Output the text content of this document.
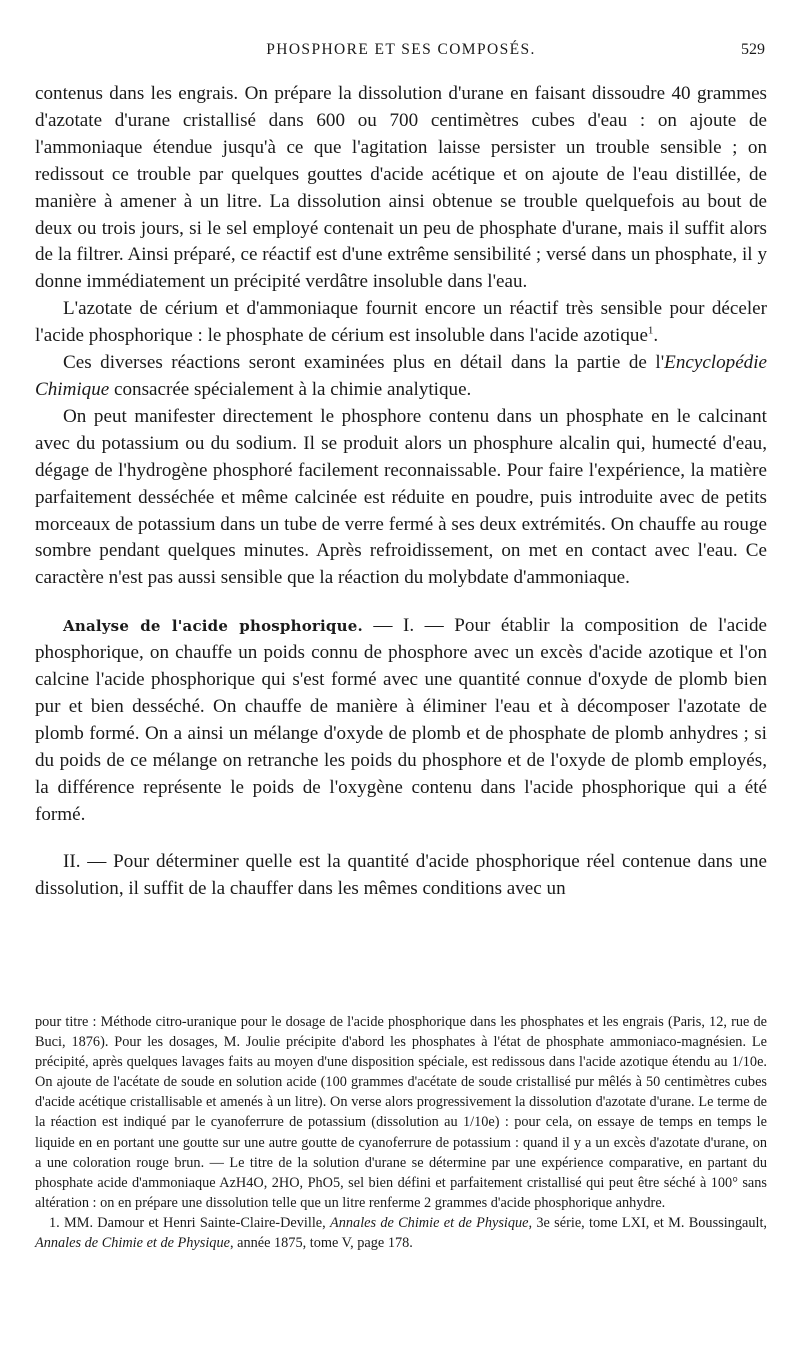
PHOSPHORE ET SES COMPOSÉS.	529

contenus dans les engrais. On prépare la dissolution d'urane en faisant dissoudre 40 grammes d'azotate d'urane cristallisé dans 600 ou 700 centimètres cubes d'eau : on ajoute de l'ammoniaque étendue jusqu'à ce que l'agitation laisse persister un trouble sensible ; on redissout ce trouble par quelques gouttes d'acide acétique et on ajoute de l'eau distillée, de manière à amener à un litre. La dissolution ainsi obtenue se trouble quelquefois au bout de deux ou trois jours, si le sel employé contenait un peu de phosphate d'urane, mais il suffit alors de la filtrer. Ainsi préparé, ce réactif est d'une extrême sensibilité ; versé dans un phosphate, il y donne immédiatement un précipité verdâtre insoluble dans l'eau.

L'azotate de cérium et d'ammoniaque fournit encore un réactif très sensible pour déceler l'acide phosphorique : le phosphate de cérium est insoluble dans l'acide azotique$^1$.

Ces diverses réactions seront examinées plus en détail dans la partie de l'Encyclopédie Chimique consacrée spécialement à la chimie analytique.

On peut manifester directement le phosphore contenu dans un phosphate en le calcinant avec du potassium ou du sodium. Il se produit alors un phosphure alcalin qui, humecté d'eau, dégage de l'hydrogène phosphoré facilement reconnaissable. Pour faire l'expérience, la matière parfaitement desséchée et même calcinée est réduite en poudre, puis introduite avec de petits morceaux de potassium dans un tube de verre fermé à ses deux extrémités. On chauffe au rouge sombre pendant quelques minutes. Après refroidissement, on met en contact avec l'eau. Ce caractère n'est pas aussi sensible que la réaction du molybdate d'ammoniaque.

Analyse de l'acide phosphorique. — I. — Pour établir la composition de l'acide phosphorique, on chauffe un poids connu de phosphore avec un excès d'acide azotique et l'on calcine l'acide phosphorique qui s'est formé avec une quantité connue d'oxyde de plomb bien pur et bien desséché. On chauffe de manière à éliminer l'eau et à décomposer l'azotate de plomb formé. On a ainsi un mélange d'oxyde de plomb et de phosphate de plomb anhydres ; si du poids de ce mélange on retranche les poids du phosphore et de l'oxyde de plomb employés, la différence représente le poids de l'oxygène contenu dans l'acide phosphorique qui a été formé.

II. — Pour déterminer quelle est la quantité d'acide phosphorique réel contenue dans une dissolution, il suffit de la chauffer dans les mêmes conditions avec un

pour titre : Méthode citro-uranique pour le dosage de l'acide phosphorique dans les phosphates et les engrais (Paris, 12, rue de Buci, 1876). Pour les dosages, M. Joulie précipite d'abord les phosphates à l'état de phosphate ammoniaco-magnésien. Le précipité, après quelques lavages faits au moyen d'une disposition spéciale, est redissous dans l'acide azotique étendu au 1/10e. On ajoute de l'acétate de soude en solution acide (100 grammes d'acétate de soude cristallisé pur mêlés à 50 centimètres cubes d'acide acétique cristallisable et amenés à un litre). On verse alors progressivement la dissolution d'azotate d'urane. Le terme de la réaction est indiqué par le cyanoferrure de potassium (dissolution au 1/10e) : pour cela, on essaye de temps en temps le liquide en en portant une goutte sur une autre goutte de cyanoferrure de potassium : quand il y a un excès d'azotate d'urane, on a une coloration rouge brun. — Le titre de la solution d'urane se détermine par une expérience comparative, en partant du phosphate acide d'ammoniaque AzH4O, 2HO, PhO5, sel bien défini et parfaitement cristallisé qui peut être séché à 100° sans altération : on en prépare une dissolution telle que un litre renferme 2 grammes d'acide phosphorique anhydre.

1. MM. Damour et Henri Sainte-Claire-Deville, Annales de Chimie et de Physique, 3e série, tome LXI, et M. Boussingault, Annales de Chimie et de Physique, année 1875, tome V, page 178.
